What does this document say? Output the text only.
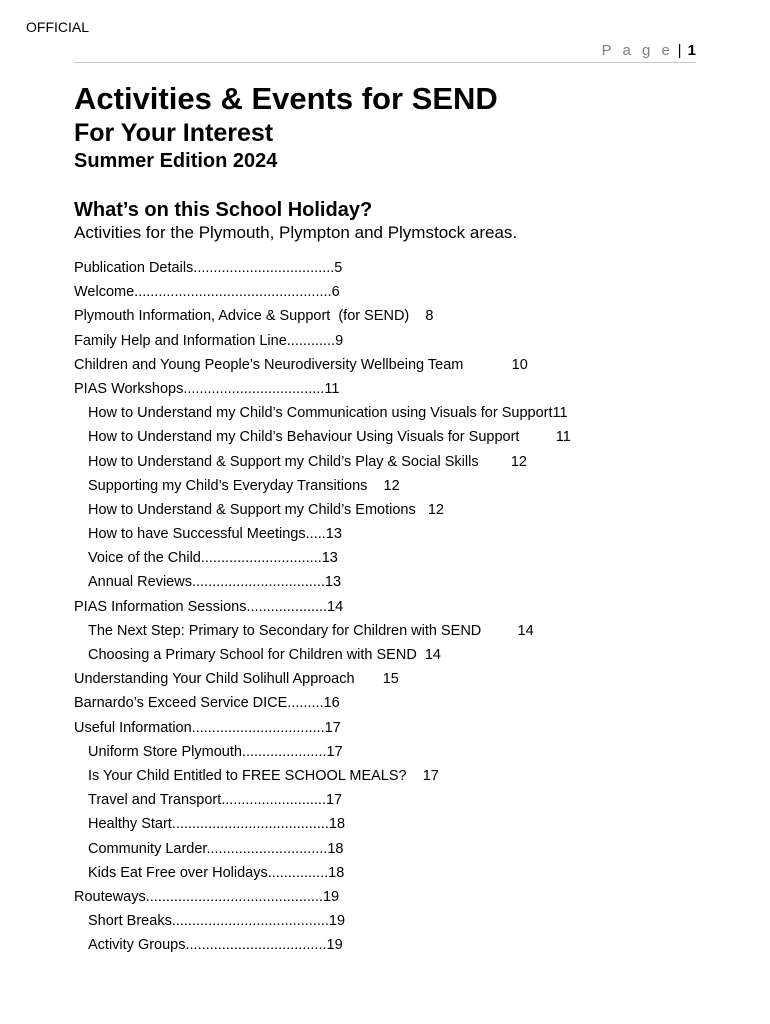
OFFICIAL
P a g e | 1
Activities & Events for SEND
For Your Interest
Summer Edition 2024
What’s on this School Holiday?
Activities for the Plymouth, Plympton and Plymstock areas.
Publication Details...................................5
Welcome.................................................6
Plymouth Information, Advice & Support  (for SEND)    8
Family Help and Information Line............9
Children and Young People’s Neurodiversity Wellbeing Team            10
PIAS Workshops...................................11
How to Understand my Child’s Communication using Visuals for Support11
How to Understand my Child’s Behaviour Using Visuals for Support         11
How to Understand & Support my Child’s Play & Social Skills        12
Supporting my Child’s Everyday Transitions    12
How to Understand & Support my Child’s Emotions   12
How to have Successful Meetings.....13
Voice of the Child..............................13
Annual Reviews.................................13
PIAS Information Sessions....................14
The Next Step: Primary to Secondary for Children with SEND         14
Choosing a Primary School for Children with SEND  14
Understanding Your Child Solihull Approach       15
Barnardo’s Exceed Service DICE.........16
Useful Information.................................17
Uniform Store Plymouth.....................17
Is Your Child Entitled to FREE SCHOOL MEALS?    17
Travel and Transport..........................17
Healthy Start.......................................18
Community Larder..............................18
Kids Eat Free over Holidays...............18
Routeways............................................19
Short Breaks.......................................19
Activity Groups...................................19
